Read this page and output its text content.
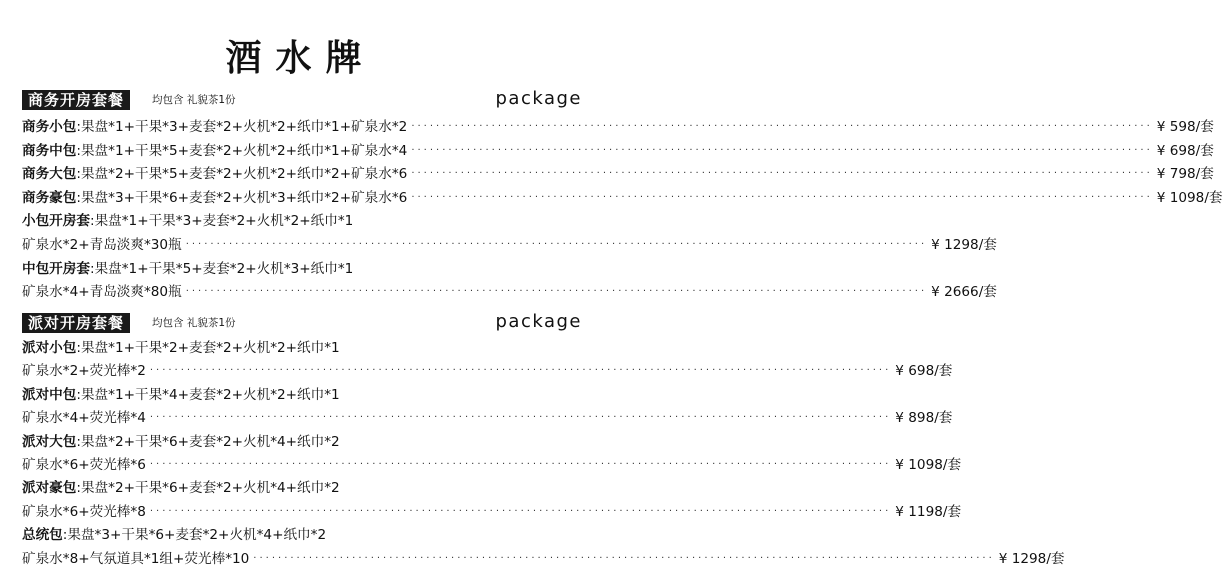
酒水牌
商务开房套餐	均包含 礼貌茶1份	package
商务小包 : 果盘*1+干果*3+麦套*2+火机*2+纸巾*1+矿泉水*2 ························································································································ ¥ 598/套
商务中包 : 果盘*1+干果*5+麦套*2+火机*2+纸巾*1+矿泉水*4 ························································································································ ¥ 698/套
商务大包 : 果盘*2+干果*5+麦套*2+火机*2+纸巾*2+矿泉水*6 ························································································································ ¥ 798/套
商务豪包 : 果盘*3+干果*6+麦套*2+火机*3+纸巾*2+矿泉水*6 ························································································································ ¥ 1098/套
小包开房套 : 果盘*1+干果*3+麦套*2+火机*2+纸巾*1
矿泉水*2+青岛淡爽*30瓶 ························································································································ ¥ 1298/套
中包开房套 : 果盘*1+干果*5+麦套*2+火机*3+纸巾*1
矿泉水*4+青岛淡爽*80瓶 ························································································································ ¥ 2666/套
派对开房套餐	均包含 礼貌茶1份	package
派对小包 : 果盘*1+干果*2+麦套*2+火机*2+纸巾*1
矿泉水*2+荧光棒*2 ························································································································ ¥ 698/套
派对中包 : 果盘*1+干果*4+麦套*2+火机*2+纸巾*1
矿泉水*4+荧光棒*4 ························································································································ ¥ 898/套
派对大包 : 果盘*2+干果*6+麦套*2+火机*4+纸巾*2
矿泉水*6+荧光棒*6 ························································································································ ¥ 1098/套
派对豪包 : 果盘*2+干果*6+麦套*2+火机*4+纸巾*2
矿泉水*6+荧光棒*8 ························································································································ ¥ 1198/套
总统包 : 果盘*3+干果*6+麦套*2+火机*4+纸巾*2
矿泉水*8+气氛道具*1组+荧光棒*10 ························································································································ ¥ 1298/套
